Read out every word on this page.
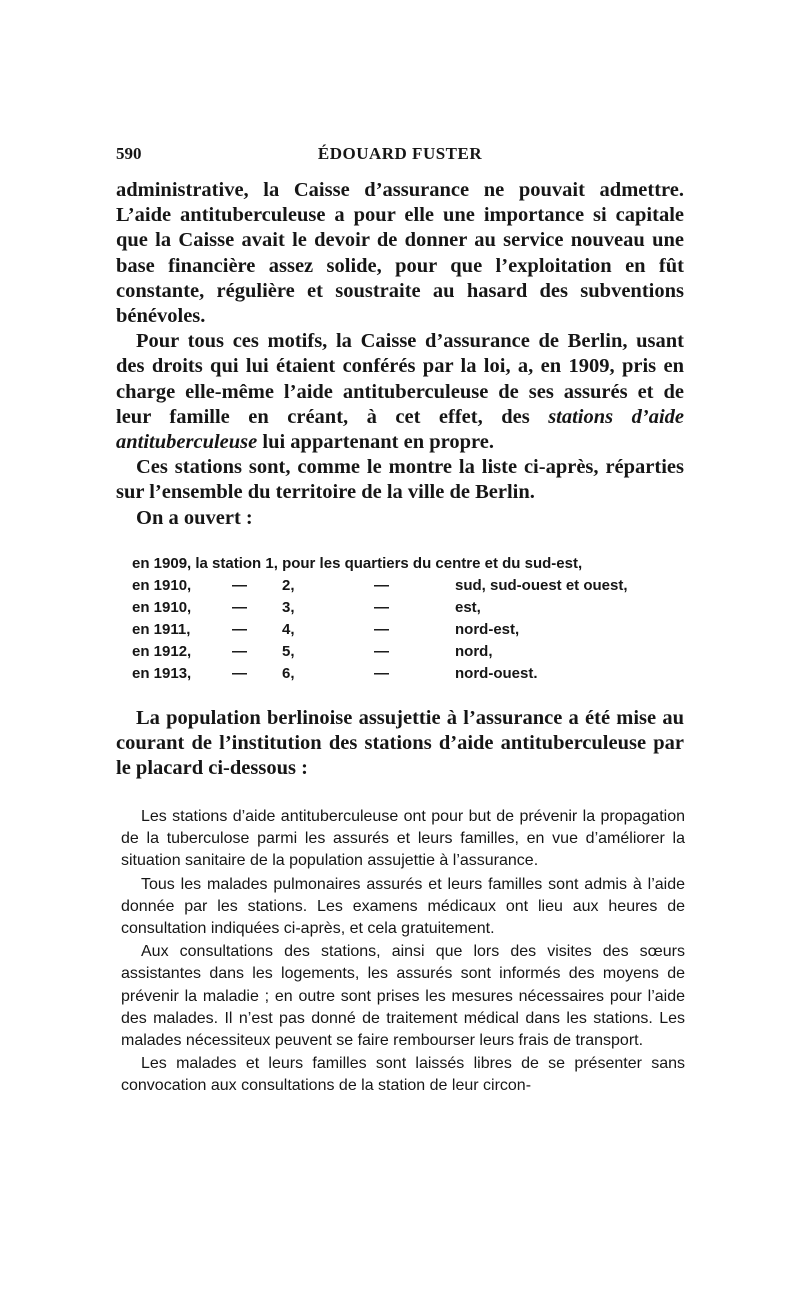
590	ÉDOUARD FUSTER

administrative, la Caisse d’assurance ne pouvait admettre. L’aide antituberculeuse a pour elle une importance si capitale que la Caisse avait le devoir de donner au service nouveau une base financière assez solide, pour que l’exploitation en fût constante, régulière et soustraite au hasard des subventions bénévoles.

Pour tous ces motifs, la Caisse d’assurance de Berlin, usant des droits qui lui étaient conférés par la loi, a, en 1909, pris en charge elle-même l’aide antituberculeuse de ses assurés et de leur famille en créant, à cet effet, des stations d’aide antituberculeuse lui appartenant en propre.

Ces stations sont, comme le montre la liste ci-après, réparties sur l’ensemble du territoire de la ville de Berlin.

On a ouvert :

en 1909, la station 1, pour les quartiers du centre et du sud-est,
en 1910,	— 2,	—	sud, sud-ouest et ouest,
en 1910,	— 3,	—	est,
en 1911,	— 4,	—	nord-est,
en 1912,	— 5,	—	nord,
en 1913,	— 6,	—	nord-ouest.

La population berlinoise assujettie à l’assurance a été mise au courant de l’institution des stations d’aide antituberculeuse par le placard ci-dessous :

Les stations d’aide antituberculeuse ont pour but de prévenir la propagation de la tuberculose parmi les assurés et leurs familles, en vue d’améliorer la situation sanitaire de la population assujettie à l’assurance.

Tous les malades pulmonaires assurés et leurs familles sont admis à l’aide donnée par les stations. Les examens médicaux ont lieu aux heures de consultation indiquées ci-après, et cela gratuitement.

Aux consultations des stations, ainsi que lors des visites des sœurs assistantes dans les logements, les assurés sont informés des moyens de prévenir la maladie ; en outre sont prises les mesures nécessaires pour l’aide des malades. Il n’est pas donné de traitement médical dans les stations. Les malades nécessiteux peuvent se faire rembourser leurs frais de transport.

Les malades et leurs familles sont laissés libres de se présenter sans convocation aux consultations de la station de leur circon-
